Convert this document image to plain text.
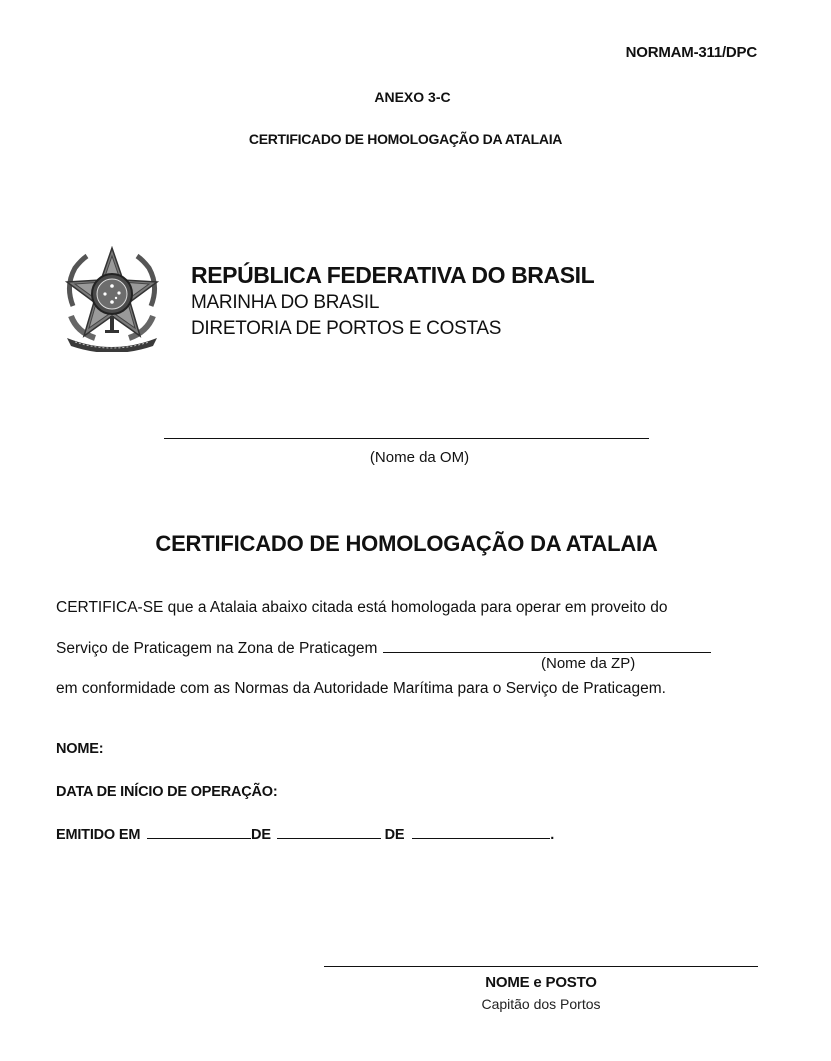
NORMAM-311/DPC
ANEXO 3-C
CERTIFICADO DE HOMOLOGAÇÃO DA ATALAIA
REPÚBLICA FEDERATIVA DO BRASIL
MARINHA DO BRASIL
DIRETORIA DE PORTOS E COSTAS
(Nome da OM)
CERTIFICADO DE HOMOLOGAÇÃO DA ATALAIA
CERTIFICA-SE que a Atalaia abaixo citada está homologada para operar em proveito do
Serviço de Praticagem na Zona de Praticagem
(Nome da ZP)
em conformidade com as Normas da Autoridade Marítima para o Serviço de Praticagem.
NOME:
DATA DE INÍCIO DE OPERAÇÃO:
EMITIDO EM	DE	DE	.
NOME e POSTO
Capitão dos Portos
